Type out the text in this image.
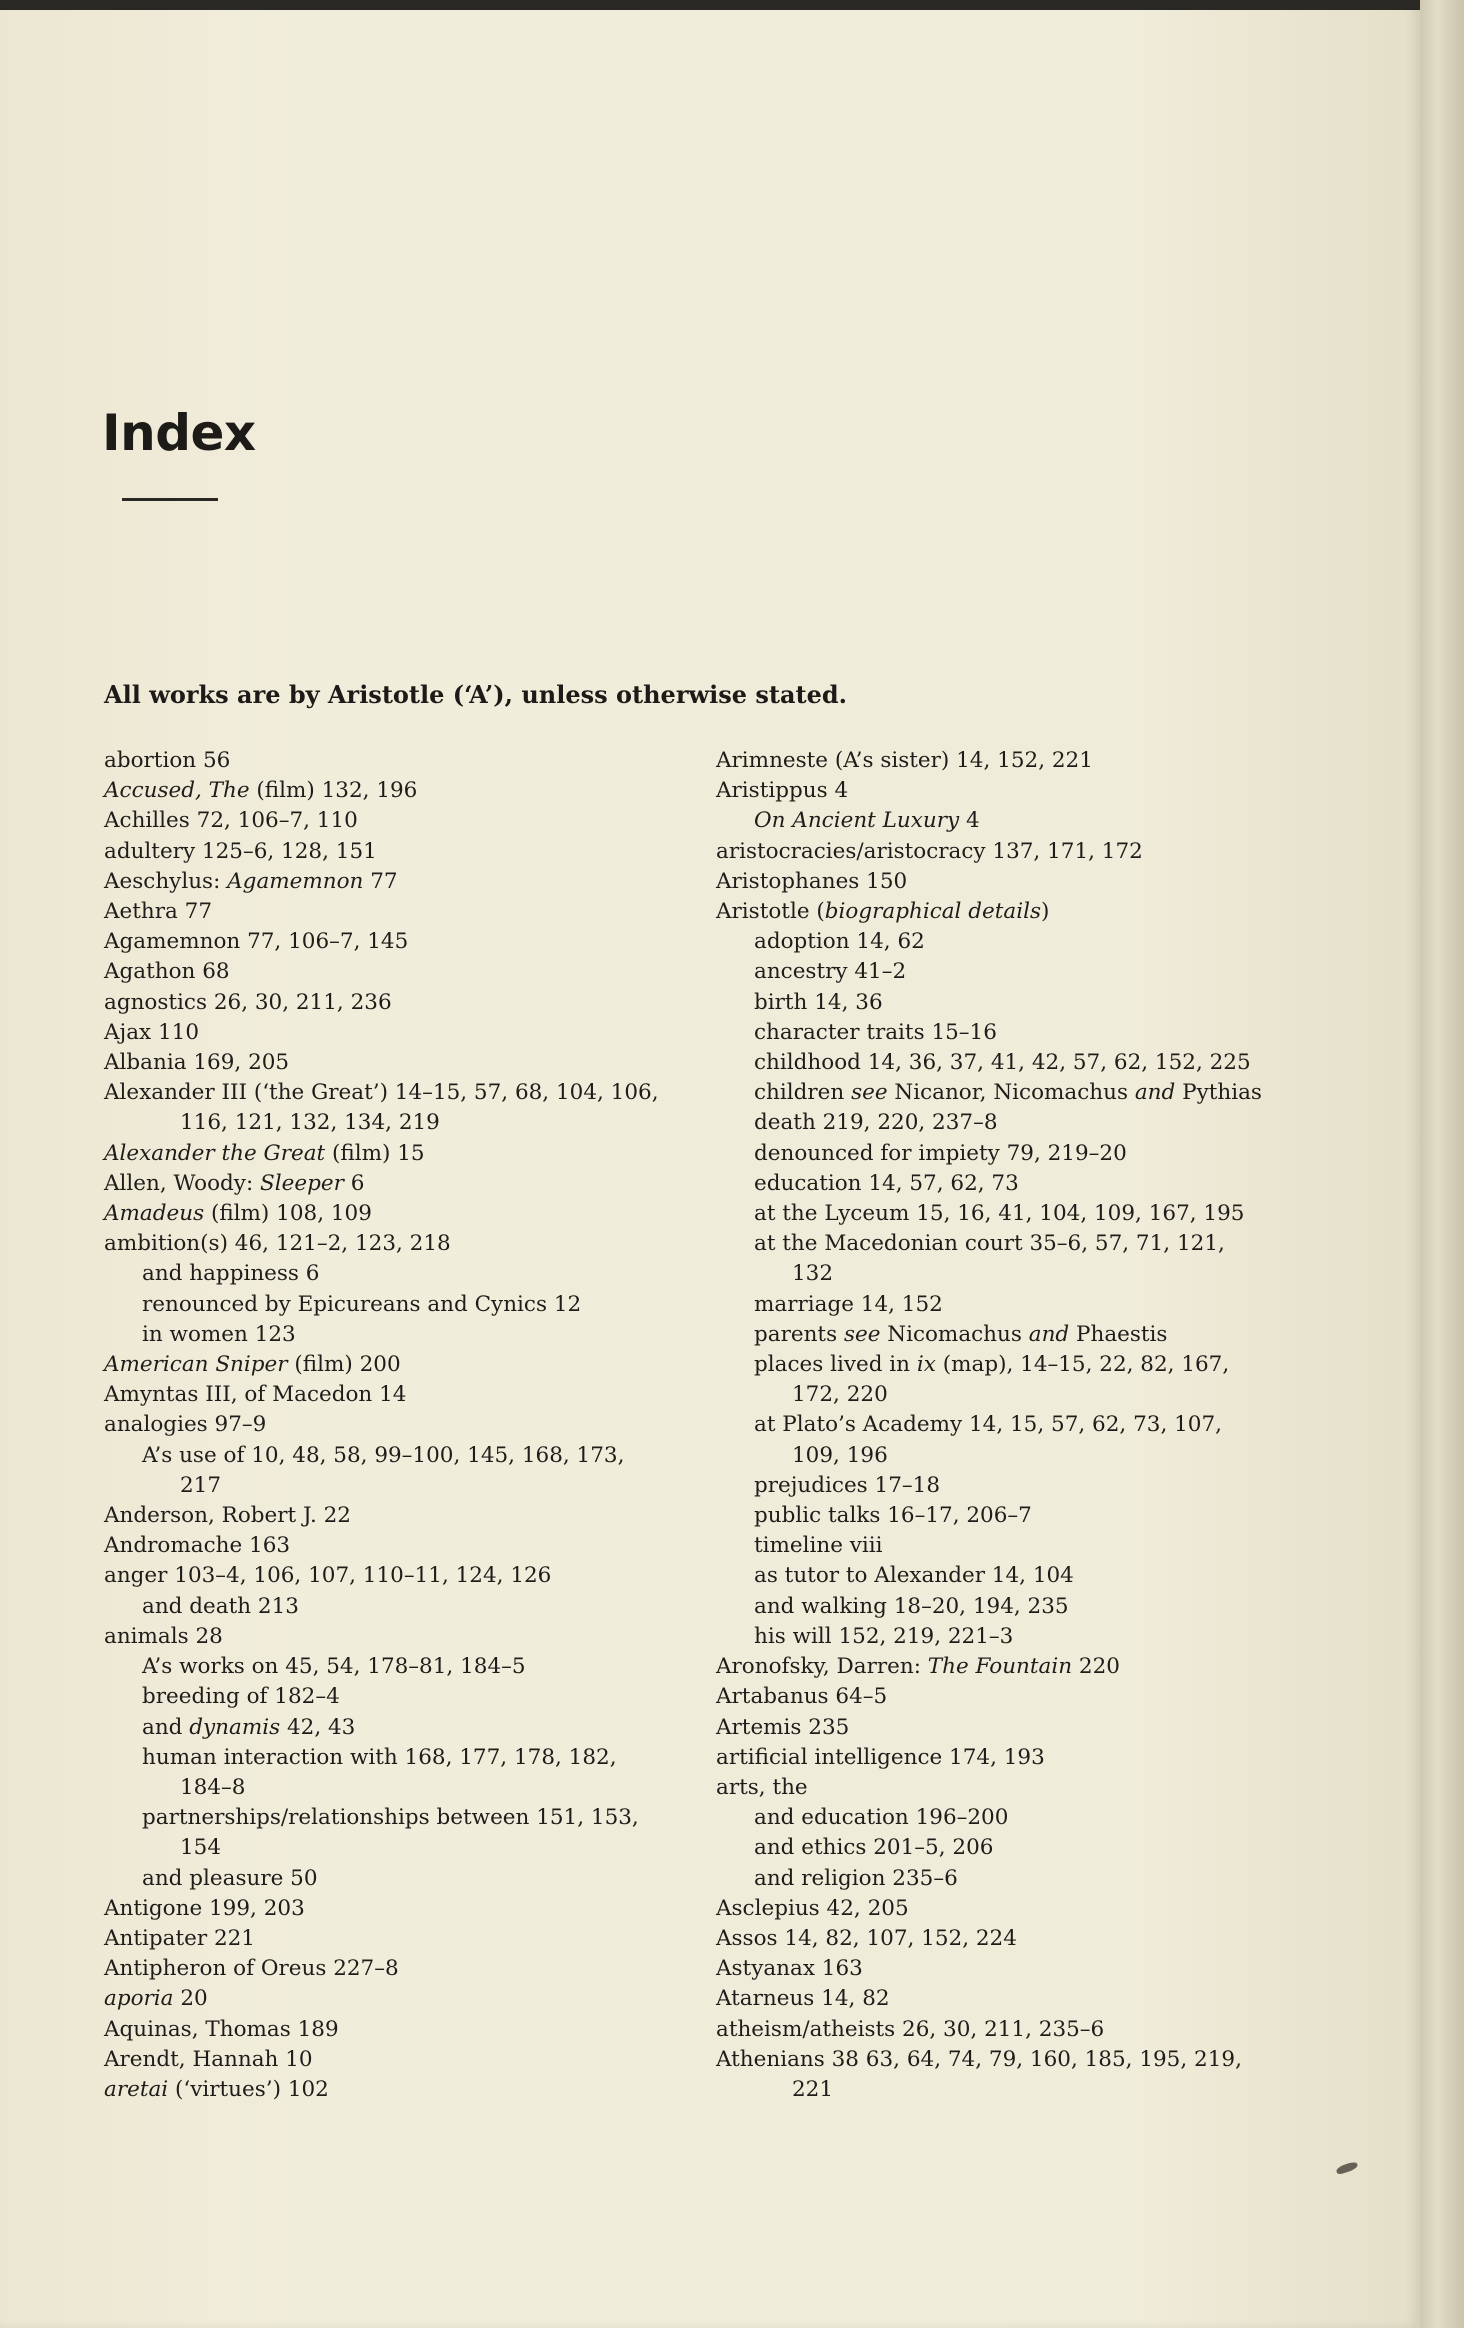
Index
All works are by Aristotle (‘A’), unless otherwise stated.
abortion 56
Accused, The (film) 132, 196
Achilles 72, 106–7, 110
adultery 125–6, 128, 151
Aeschylus: Agamemnon 77
Aethra 77
Agamemnon 77, 106–7, 145
Agathon 68
agnostics 26, 30, 211, 236
Ajax 110
Albania 169, 205
Alexander III (‘the Great’) 14–15, 57, 68, 104, 106,
116, 121, 132, 134, 219
Alexander the Great (film) 15
Allen, Woody: Sleeper 6
Amadeus (film) 108, 109
ambition(s) 46, 121–2, 123, 218
and happiness 6
renounced by Epicureans and Cynics 12
in women 123
American Sniper (film) 200
Amyntas III, of Macedon 14
analogies 97–9
A’s use of 10, 48, 58, 99–100, 145, 168, 173,
217
Anderson, Robert J. 22
Andromache 163
anger 103–4, 106, 107, 110–11, 124, 126
and death 213
animals 28
A’s works on 45, 54, 178–81, 184–5
breeding of 182–4
and dynamis 42, 43
human interaction with 168, 177, 178, 182,
184–8
partnerships/relationships between 151, 153,
154
and pleasure 50
Antigone 199, 203
Antipater 221
Antipheron of Oreus 227–8
aporia 20
Aquinas, Thomas 189
Arendt, Hannah 10
aretai (‘virtues’) 102
Arimneste (A’s sister) 14, 152, 221
Aristippus 4
On Ancient Luxury 4
aristocracies/aristocracy 137, 171, 172
Aristophanes 150
Aristotle (biographical details)
adoption 14, 62
ancestry 41–2
birth 14, 36
character traits 15–16
childhood 14, 36, 37, 41, 42, 57, 62, 152, 225
children see Nicanor, Nicomachus and Pythias
death 219, 220, 237–8
denounced for impiety 79, 219–20
education 14, 57, 62, 73
at the Lyceum 15, 16, 41, 104, 109, 167, 195
at the Macedonian court 35–6, 57, 71, 121,
132
marriage 14, 152
parents see Nicomachus and Phaestis
places lived in ix (map), 14–15, 22, 82, 167,
172, 220
at Plato’s Academy 14, 15, 57, 62, 73, 107,
109, 196
prejudices 17–18
public talks 16–17, 206–7
timeline viii
as tutor to Alexander 14, 104
and walking 18–20, 194, 235
his will 152, 219, 221–3
Aronofsky, Darren: The Fountain 220
Artabanus 64–5
Artemis 235
artificial intelligence 174, 193
arts, the
and education 196–200
and ethics 201–5, 206
and religion 235–6
Asclepius 42, 205
Assos 14, 82, 107, 152, 224
Astyanax 163
Atarneus 14, 82
atheism/atheists 26, 30, 211, 235–6
Athenians 38 63, 64, 74, 79, 160, 185, 195, 219,
221
